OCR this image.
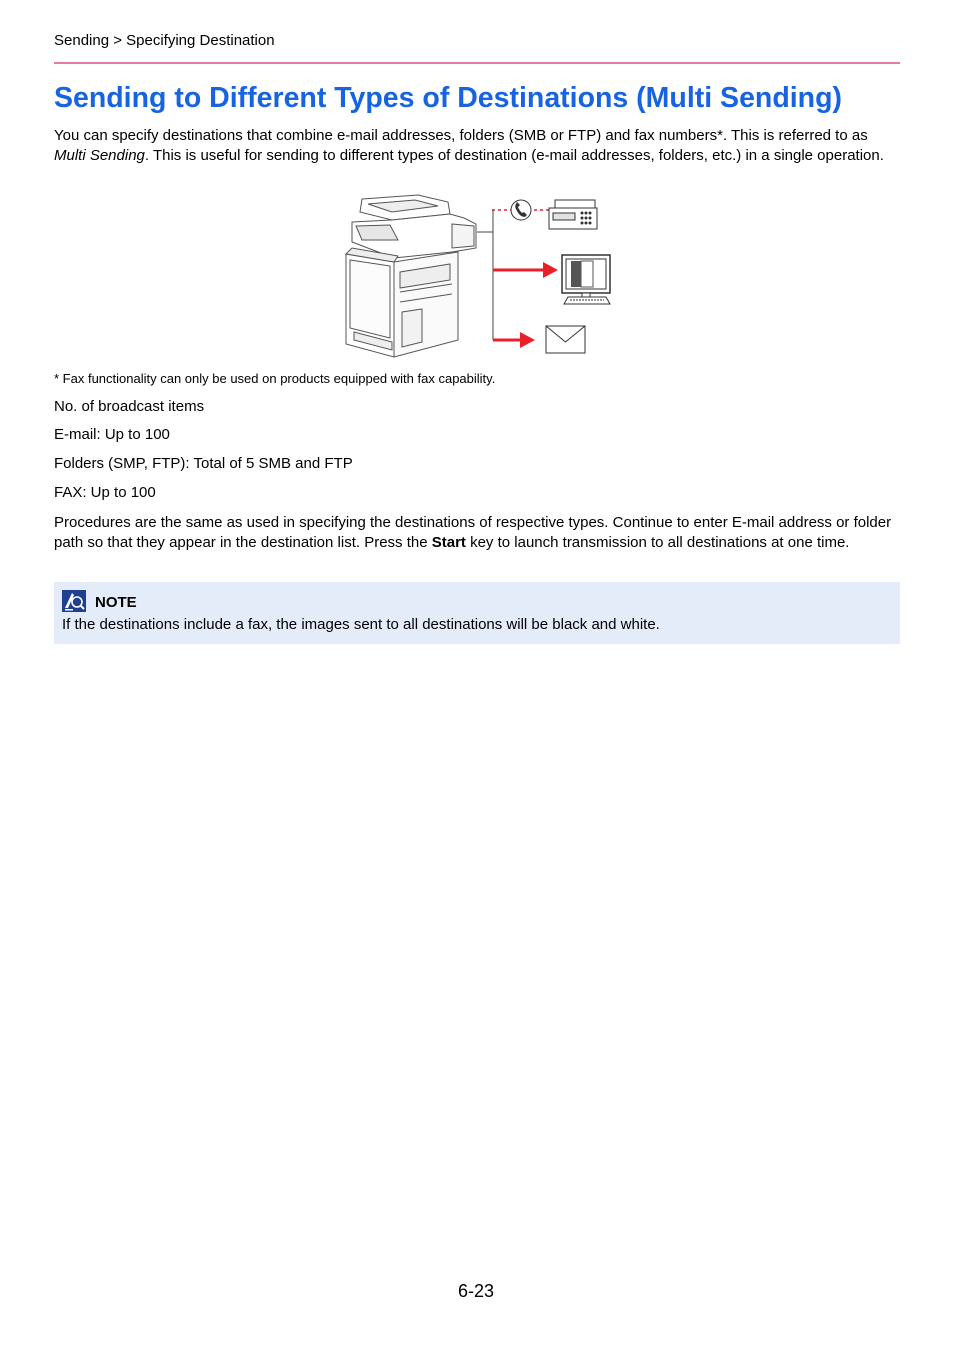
Sending > Specifying Destination
Sending to Different Types of Destinations (Multi Sending)

You can specify destinations that combine e-mail addresses, folders (SMB or FTP) and fax numbers*. This is referred to as Multi Sending. This is useful for sending to different types of destination (e-mail addresses, folders, etc.) in a single operation.

* Fax functionality can only be used on products equipped with fax capability.
No. of broadcast items
E-mail: Up to 100
Folders (SMP, FTP): Total of 5 SMB and FTP
FAX: Up to 100

Procedures are the same as used in specifying the destinations of respective types. Continue to enter E-mail address or folder path so that they appear in the destination list. Press the Start key to launch transmission to all destinations at one time.

NOTE
If the destinations include a fax, the images sent to all destinations will be black and white.
6-23
